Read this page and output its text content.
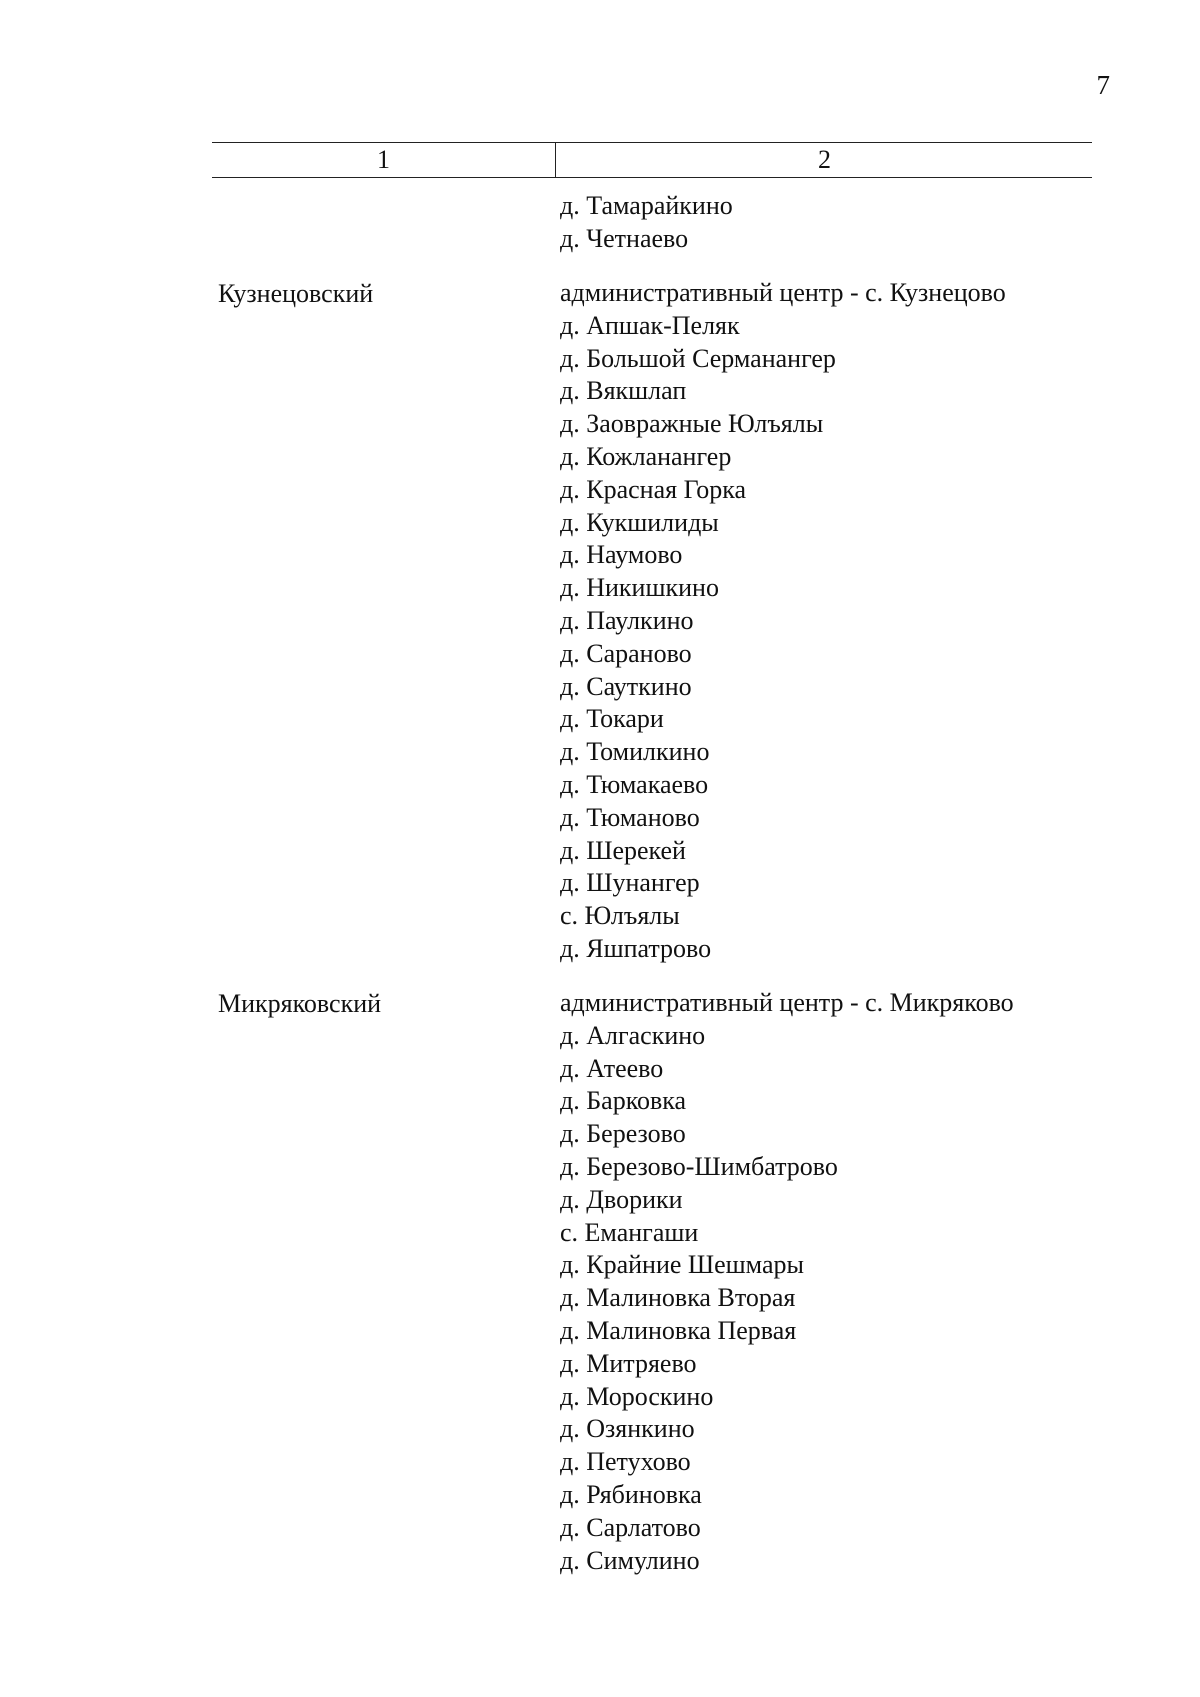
7
1	2
д. Тамарайкино
д. Четнаево
Кузнецовский	административный центр - с. Кузнецово
д. Апшак-Пеляк
д. Большой Серманангер
д. Вякшлап
д. Заовражные Юлъялы
д. Кожланангер
д. Красная Горка
д. Кукшилиды
д. Наумово
д. Никишкино
д. Паулкино
д. Сараново
д. Сауткино
д. Токари
д. Томилкино
д. Тюмакаево
д. Тюманово
д. Шерекей
д. Шунангер
с. Юлъялы
д. Яшпатрово
Микряковский	административный центр - с. Микряково
д. Алгаскино
д. Атеево
д. Барковка
д. Березово
д. Березово-Шимбатрово
д. Дворики
с. Емангаши
д. Крайние Шешмары
д. Малиновка Вторая
д. Малиновка Первая
д. Митряево
д. Мороскино
д. Озянкино
д. Петухово
д. Рябиновка
д. Сарлатово
д. Симулино
